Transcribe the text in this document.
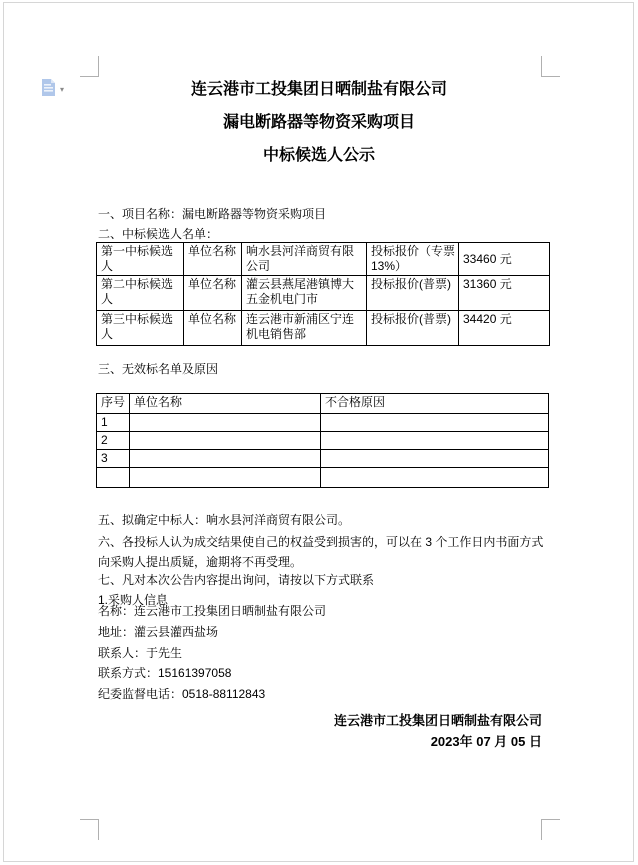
▾	连云港市工投集团日晒制盐有限公司
漏电断路器等物资采购项目
中标候选人公示
一、项目名称：漏电断路器等物资采购项目
二、中标候选人名单：
第一中标候选人	单位名称	响水县河洋商贸有限公司	投标报价（专票13%）	33460 元
第二中标候选人	单位名称	灌云县燕尾港镇博大五金机电门市	投标报价(普票)	31360 元
第三中标候选人	单位名称	连云港市新浦区宁连机电销售部	投标报价(普票)	34420 元
三、无效标名单及原因
序号	单位名称	不合格原因
1		
2		
3		

五、拟确定中标人：响水县河洋商贸有限公司。
六、各投标人认为成交结果使自己的权益受到损害的，可以在 3 个工作日内书面方式向采购人提出质疑，逾期将不再受理。
七、凡对本次公告内容提出询问，请按以下方式联系
1.采购人信息
名称：连云港市工投集团日晒制盐有限公司
地址：灌云县灌西盐场
联系人：于先生
联系方式：15161397058
纪委监督电话：0518-88112843
连云港市工投集团日晒制盐有限公司
2023年 07 月 05 日
